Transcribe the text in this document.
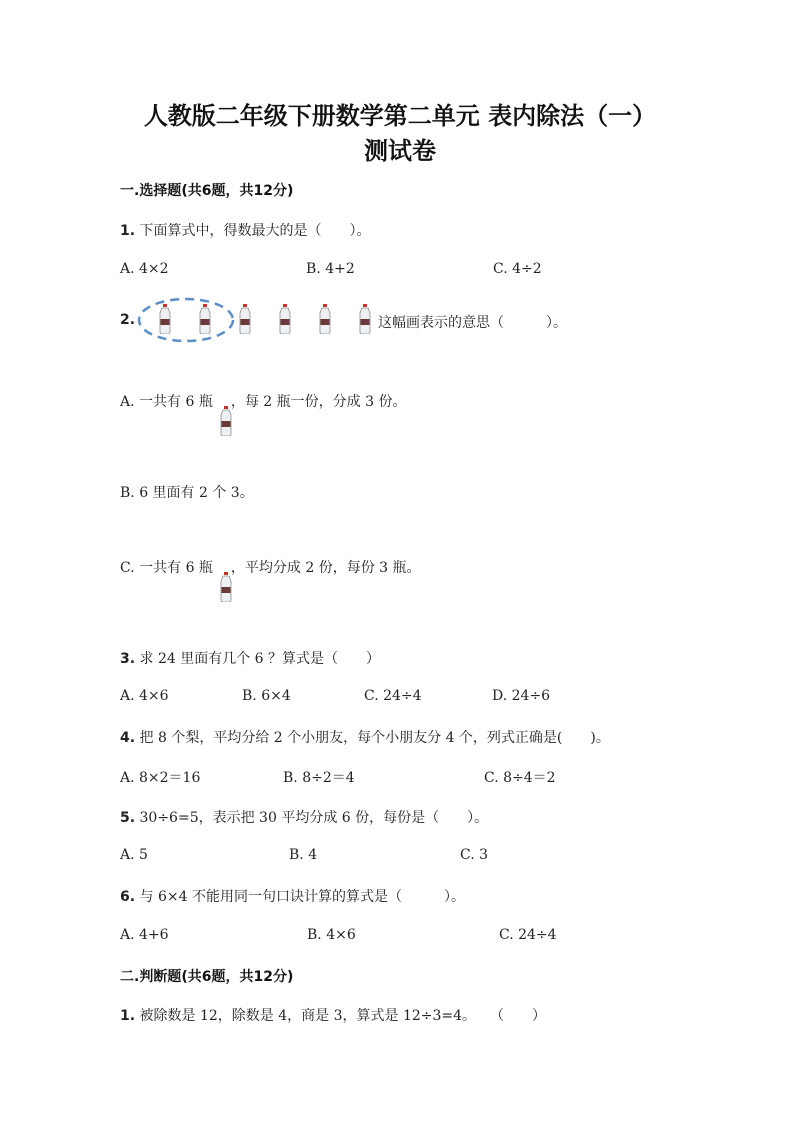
人教版二年级下册数学第二单元 表内除法（一）
测试卷
一.选择题(共6题，共12分)
1. 下面算式中，得数最大的是（　　）。
A. 4×2	B. 4+2	C. 4÷2
2.	这幅画表示的意思（　　　）。
A. 一共有 6 瓶 ，每 2 瓶一份，分成 3 份。
B. 6 里面有 2 个 3。
C. 一共有 6 瓶 ，平均分成 2 份，每份 3 瓶。
3. 求 24 里面有几个 6 ？算式是（　　）
A. 4×6	B. 6×4	C. 24÷4	D. 24÷6
4. 把 8 个梨，平均分给 2 个小朋友，每个小朋友分 4 个，列式正确是(　　)。
A. 8×2＝16	B. 8÷2＝4	C. 8÷4＝2
5. 30÷6=5，表示把 30 平均分成 6 份，每份是（　　）。
A. 5	B. 4	C. 3
6. 与 6×4 不能用同一句口诀计算的算式是（　　　）。
A. 4+6	B. 4×6	C. 24÷4
二.判断题(共6题，共12分)
1. 被除数是 12，除数是 4，商是 3，算式是 12÷3=4。　　（　　）
